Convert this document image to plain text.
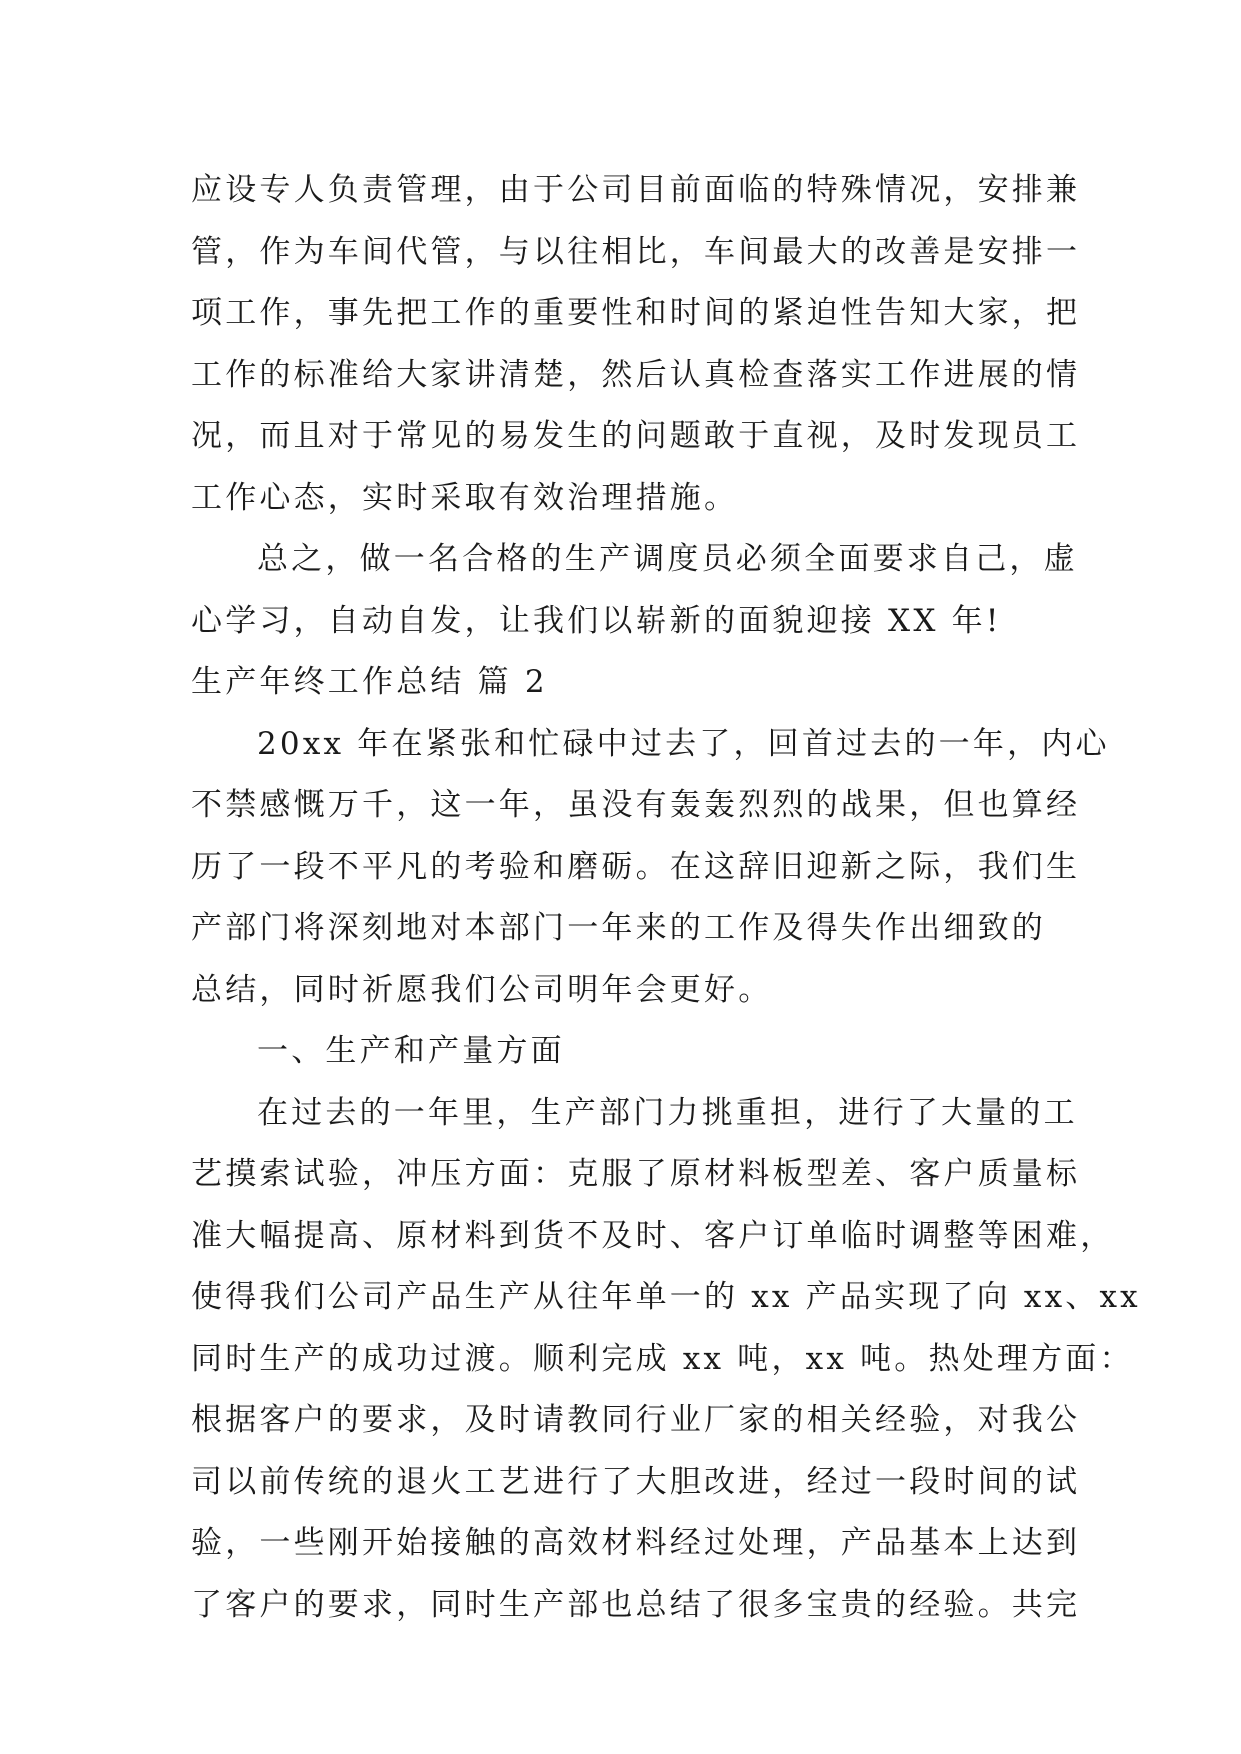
应设专人负责管理，由于公司目前面临的特殊情况，安排兼
管，作为车间代管，与以往相比，车间最大的改善是安排一
项工作，事先把工作的重要性和时间的紧迫性告知大家，把
工作的标准给大家讲清楚，然后认真检查落实工作进展的情
况，而且对于常见的易发生的问题敢于直视，及时发现员工
工作心态，实时采取有效治理措施。
总之，做一名合格的生产调度员必须全面要求自己，虚
心学习，自动自发，让我们以崭新的面貌迎接 XX 年!
生产年终工作总结 篇 2
20xx 年在紧张和忙碌中过去了，回首过去的一年，内心
不禁感慨万千，这一年，虽没有轰轰烈烈的战果，但也算经
历了一段不平凡的考验和磨砺。在这辞旧迎新之际，我们生
产部门将深刻地对本部门一年来的工作及得失作出细致的
总结，同时祈愿我们公司明年会更好。
一、生产和产量方面
在过去的一年里，生产部门力挑重担，进行了大量的工
艺摸索试验，冲压方面：克服了原材料板型差、客户质量标
准大幅提高、原材料到货不及时、客户订单临时调整等困难，
使得我们公司产品生产从往年单一的 xx 产品实现了向 xx、xx
同时生产的成功过渡。顺利完成 xx 吨，xx 吨。热处理方面：
根据客户的要求，及时请教同行业厂家的相关经验，对我公
司以前传统的退火工艺进行了大胆改进，经过一段时间的试
验，一些刚开始接触的高效材料经过处理，产品基本上达到
了客户的要求，同时生产部也总结了很多宝贵的经验。共完
